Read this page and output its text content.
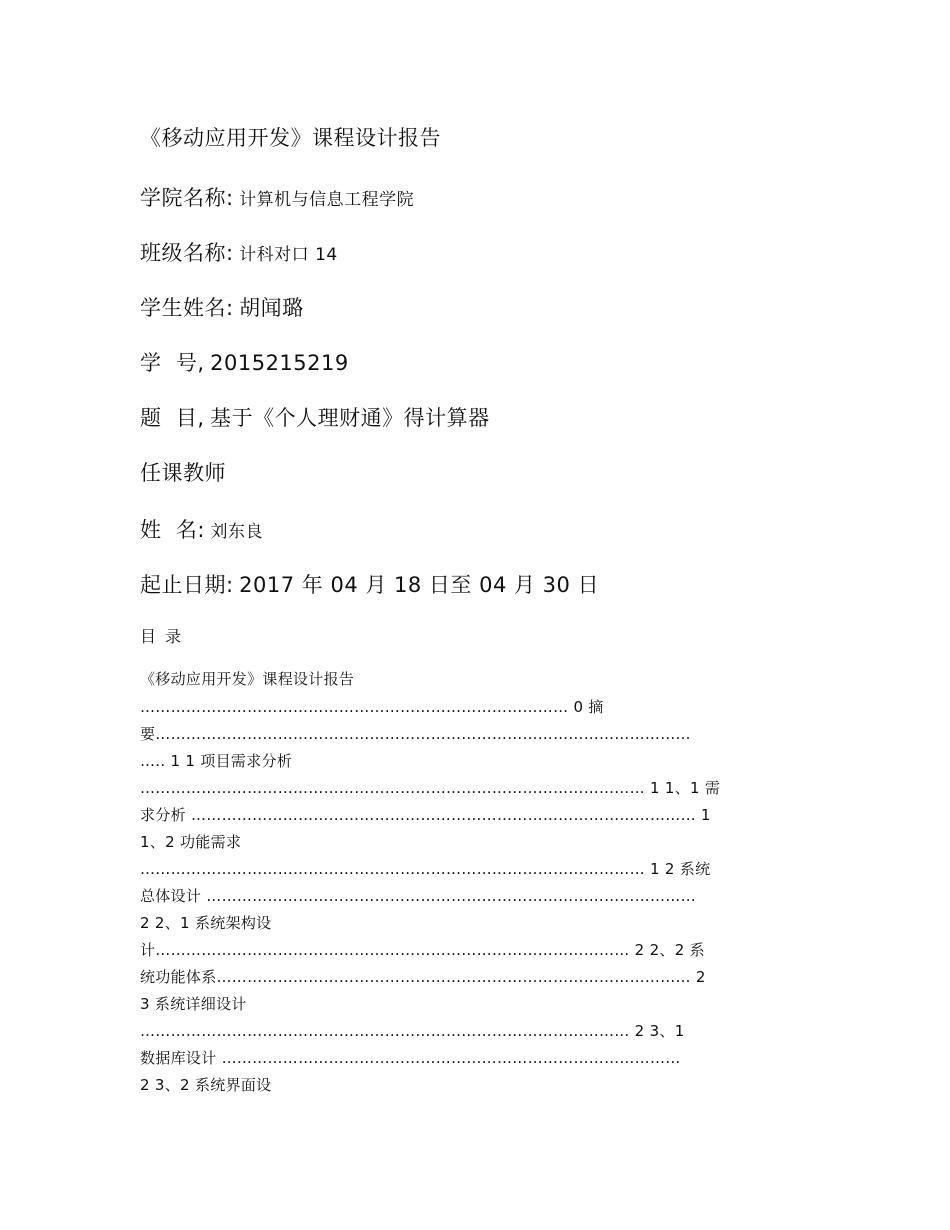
《移动应用开发》课程设计报告
学院名称: 计算机与信息工程学院
班级名称: 计科对口 14
学生姓名: 胡闻璐
学  号, 2015215219
题  目, 基于《个人理财通》得计算器
任课教师
姓  名: 刘东良
起止日期: 2017 年 04 月 18 日至 04 月 30 日
目 录
《移动应用开发》课程设计报告
………………………………………………………………………… 0 摘
要……………………………………………………………………………………………
….. 1 1 项目需求分析
……………………………………………………………………………………… 1 1、1 需
求分析 ……………………………………………………………………………………… 1
1、2 功能需求
……………………………………………………………………………………… 1 2 系统
总体设计 ……………………………………………………………………………………
2 2、1 系统架构设
计………………………………………………………………………………… 2 2、2 系
统功能体系………………………………………………………………………………… 2
3 系统详细设计
…………………………………………………………………………………… 2 3、1
数据库设计 ………………………………………………………………………………
2 3、2 系统界面设
